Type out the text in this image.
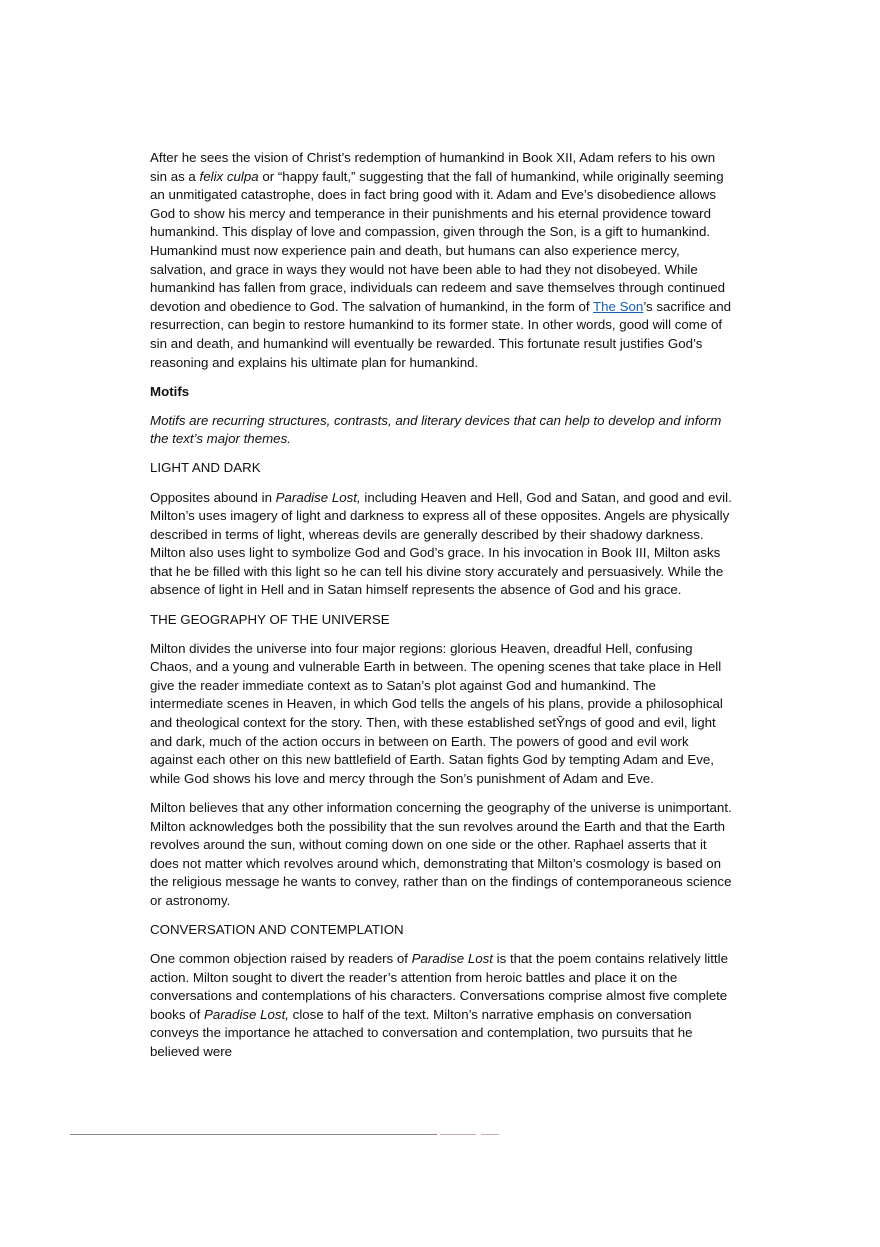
After he sees the vision of Christ’s redemption of humankind in Book XII, Adam refers to his own sin as a felix culpa or “happy fault,” suggesting that the fall of humankind, while originally seeming an unmitigated catastrophe, does in fact bring good with it. Adam and Eve’s disobedience allows God to show his mercy and temperance in their punishments and his eternal providence toward humankind. This display of love and compassion, given through the Son, is a gift to humankind. Humankind must now experience pain and death, but humans can also experience mercy, salvation, and grace in ways they would not have been able to had they not disobeyed. While humankind has fallen from grace, individuals can redeem and save themselves through continued devotion and obedience to God. The salvation of humankind, in the form of The Son’s sacrifice and resurrection, can begin to restore humankind to its former state. In other words, good will come of sin and death, and humankind will eventually be rewarded. This fortunate result justifies God’s reasoning and explains his ultimate plan for humankind.

Motifs

Motifs are recurring structures, contrasts, and literary devices that can help to develop and inform the text’s major themes.

LIGHT AND DARK

Opposites abound in Paradise Lost, including Heaven and Hell, God and Satan, and good and evil. Milton’s uses imagery of light and darkness to express all of these opposites. Angels are physically described in terms of light, whereas devils are generally described by their shadowy darkness. Milton also uses light to symbolize God and God’s grace. In his invocation in Book III, Milton asks that he be filled with this light so he can tell his divine story accurately and persuasively. While the absence of light in Hell and in Satan himself represents the absence of God and his grace.

THE GEOGRAPHY OF THE UNIVERSE

Milton divides the universe into four major regions: glorious Heaven, dreadful Hell, confusing Chaos, and a young and vulnerable Earth in between. The opening scenes that take place in Hell give the reader immediate context as to Satan’s plot against God and humankind. The intermediate scenes in Heaven, in which God tells the angels of his plans, provide a philosophical and theological context for the story. Then, with these established setŶngs of good and evil, light and dark, much of the action occurs in between on Earth. The powers of good and evil work against each other on this new battlefield of Earth. Satan fights God by tempting Adam and Eve, while God shows his love and mercy through the Son’s punishment of Adam and Eve.

Milton believes that any other information concerning the geography of the universe is unimportant. Milton acknowledges both the possibility that the sun revolves around the Earth and that the Earth revolves around the sun, without coming down on one side or the other. Raphael asserts that it does not matter which revolves around which, demonstrating that Milton’s cosmology is based on the religious message he wants to convey, rather than on the findings of contemporaneous science or astronomy.

CONVERSATION AND CONTEMPLATION

One common objection raised by readers of Paradise Lost is that the poem contains relatively little action. Milton sought to divert the reader’s attention from heroic battles and place it on the conversations and contemplations of his characters. Conversations comprise almost five complete books of Paradise Lost, close to half of the text. Milton’s narrative emphasis on conversation conveys the importance he attached to conversation and contemplation, two pursuits that he believed were
